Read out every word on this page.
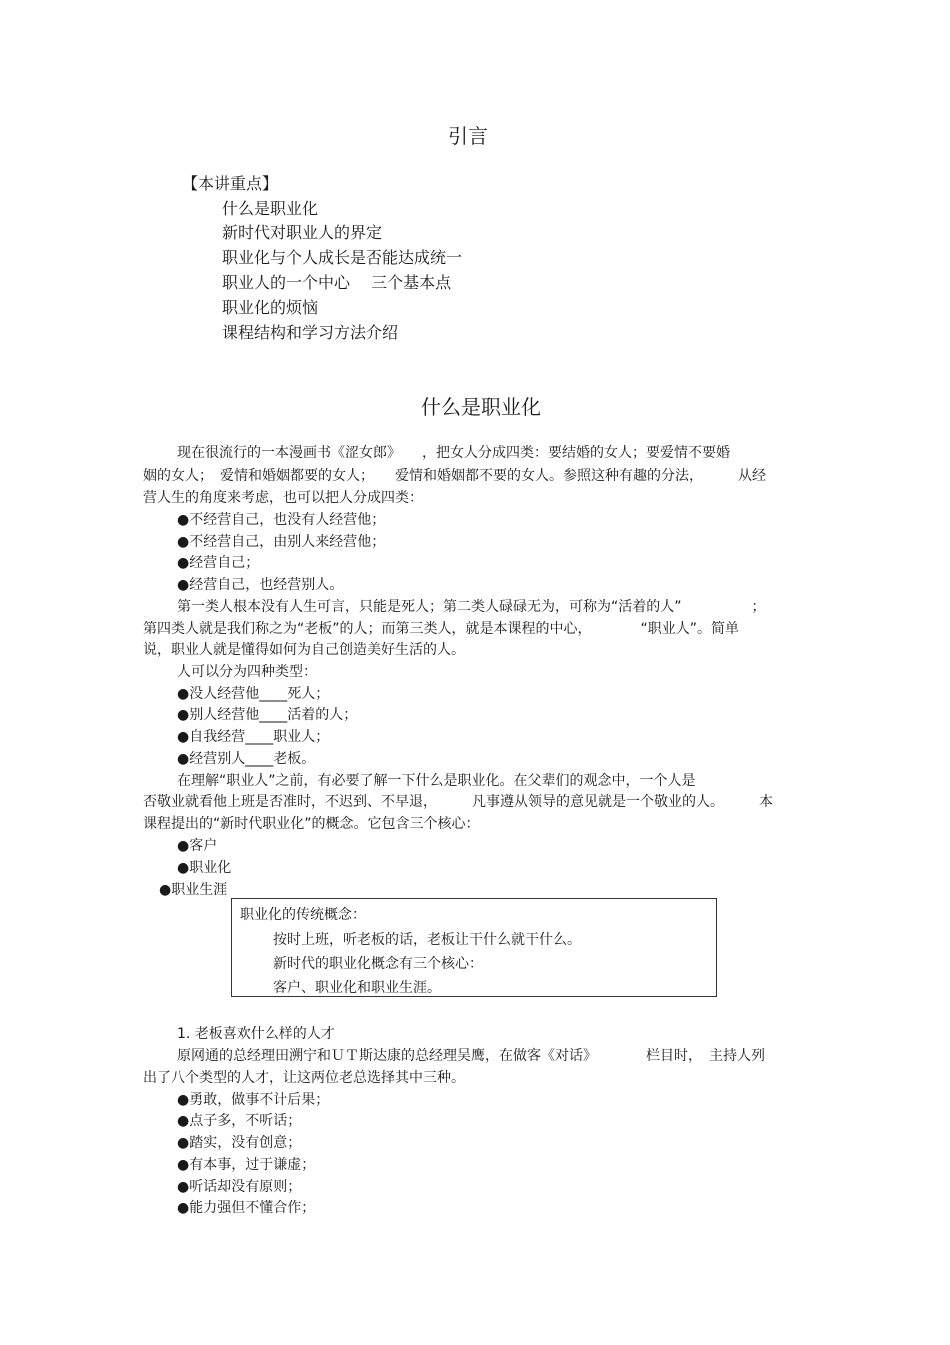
引言
【本讲重点】
什么是职业化
新时代对职业人的界定
职业化与个人成长是否能达成统一
职业人的一个中心　 三个基本点
职业化的烦恼
课程结构和学习方法介绍
什么是职业化
现在很流行的一本漫画书《涩女郎》　　，把女人分成四类：要结婚的女人；要爱情不要婚
姻的女人；　爱情和婚姻都要的女人；　　爱情和婚姻都不要的女人。参照这种有趣的分法，　　　从经
营人生的角度来考虑，也可以把人分成四类：
●不经营自己，也没有人经营他；
●不经营自己，由别人来经营他；
●经营自己；
●经营自己，也经营别人。
第一类人根本没有人生可言，只能是死人；第二类人碌碌无为，可称为“活着的人”　　　　　；
第四类人就是我们称之为“老板”的人；而第三类人，就是本课程的中心，　　　　“职业人”。简单
说，职业人就是懂得如何为自己创造美好生活的人。
人可以分为四种类型：
●没人经营他____死人；
●别人经营他____活着的人；
●自我经营____职业人；
●经营别人____老板。
在理解“职业人”之前，有必要了解一下什么是职业化。在父辈们的观念中，一个人是
否敬业就看他上班是否准时，不迟到、不早退，　　　凡事遵从领导的意见就是一个敬业的人。　　　本
课程提出的“新时代职业化”的概念。它包含三个核心：
●客户
●职业化
●职业生涯
职业化的传统概念：
按时上班，听老板的话，老板让干什么就干什么。
新时代的职业化概念有三个核心：
客户、职业化和职业生涯。
1. 老板喜欢什么样的人才
原网通的总经理田溯宁和ＵＴ斯达康的总经理吴鹰，在做客《对话》　　　　栏目时，　主持人列
出了八个类型的人才，让这两位老总选择其中三种。
●勇敢，做事不计后果；
●点子多，不听话；
●踏实，没有创意；
●有本事，过于谦虚；
●听话却没有原则；
●能力强但不懂合作；
